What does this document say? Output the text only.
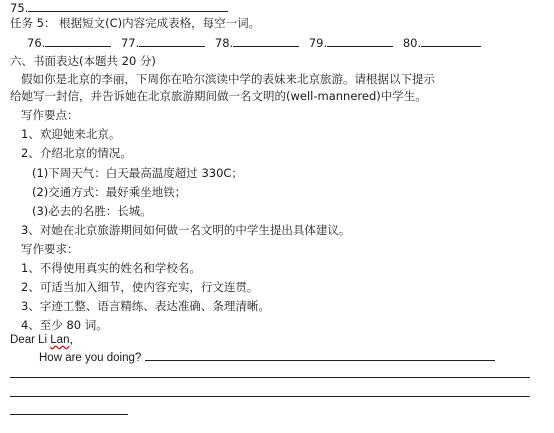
75.
任务 5： 根据短文(C)内容完成表格，每空一词。
76.	77.	78.	79.	80.
六、书面表达(本题共 20 分)
假如你是北京的李丽，下周你在哈尔滨读中学的表妹来北京旅游。请根据以下提示
给她写一封信，并告诉她在北京旅游期间做一名文明的(well-mannered)中学生。
写作要点：
1、欢迎她来北京。
2、介绍北京的情况。
(1)下周天气：白天最高温度超过 330C；
(2)交通方式：最好乘坐地铁；
(3)必去的名胜：长城。
3、对她在北京旅游期间如何做一名文明的中学生提出具体建议。
写作要求：
1、不得使用真实的姓名和学校名。
2、可适当加入细节，使内容充实，行文连贯。
3、字迹工整、语言精练、表达准确、条理清晰。
4、至少 80 词。
Dear Li Lan，
How are you doing?
